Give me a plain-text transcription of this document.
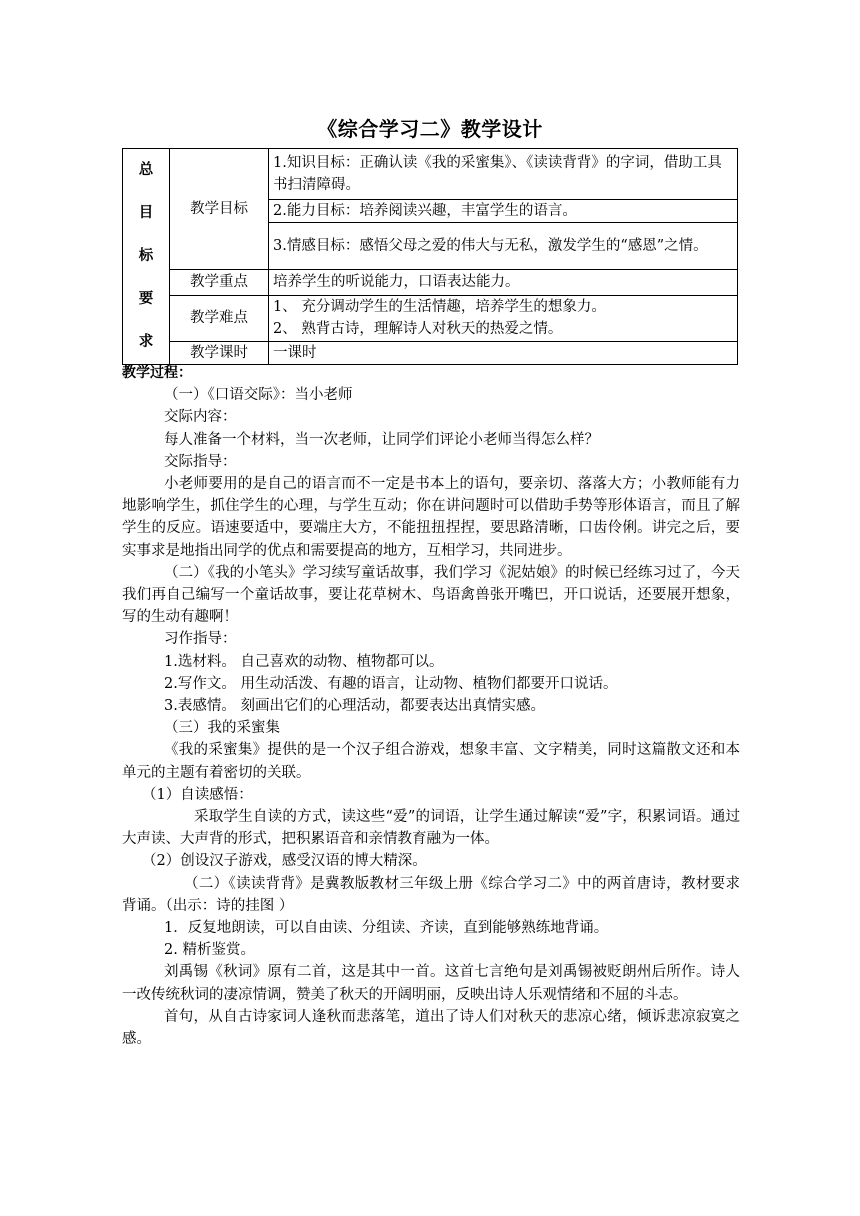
《综合学习二》教学设计
总
目
标
要
求	教学目标	1.知识目标：正确认读《我的采蜜集》、《读读背背》的字词，借助工具书扫清障碍。
		2.能力目标：培养阅读兴趣，丰富学生的语言。
		3.情感目标：感悟父母之爱的伟大与无私，激发学生的“感恩”之情。
	教学重点	培养学生的听说能力，口语表达能力。
	教学难点	1、 充分调动学生的生活情趣，培养学生的想象力。
2、 熟背古诗，理解诗人对秋天的热爱之情。

	教学课时	一课时

教学过程：

（一）《口语交际》：当小老师

交际内容：

每人准备一个材料，当一次老师，让同学们评论小老师当得怎么样？

交际指导：

小老师要用的是自己的语言而不一定是书本上的语句，要亲切、落落大方；小教师能有力地影响学生，抓住学生的心理，与学生互动；你在讲问题时可以借助手势等形体语言，而且了解学生的反应。语速要适中，要端庄大方，不能扭扭捏捏，要思路清晰，口齿伶俐。讲完之后，要实事求是地指出同学的优点和需要提高的地方，互相学习，共同进步。

（二）《我的小笔头》学习续写童话故事，我们学习《泥姑娘》的时候已经练习过了，今天我们再自己编写一个童话故事，要让花草树木、鸟语禽兽张开嘴巴，开口说话，还要展开想象，写的生动有趣啊！

习作指导：

1.选材料。 自己喜欢的动物、植物都可以。

2.写作文。 用生动活泼、有趣的语言，让动物、植物们都要开口说话。

3.表感情。 刻画出它们的心理活动，都要表达出真情实感。

（三）我的采蜜集

《我的采蜜集》提供的是一个汉子组合游戏，想象丰富、文字精美，同时这篇散文还和本单元的主题有着密切的关联。

（1）自读感悟：

采取学生自读的方式，读这些“爱”的词语，让学生通过解读“爱”字，积累词语。通过大声读、大声背的形式，把积累语音和亲情教育融为一体。

（2）创设汉子游戏，感受汉语的博大精深。

（二）《读读背背》是冀教版教材三年级上册《综合学习二》中的两首唐诗，教材要求背诵。（出示：诗的挂图 ）

1．反复地朗读，可以自由读、分组读、齐读，直到能够熟练地背诵。

2. 精析鉴赏。

刘禹锡《秋词》原有二首，这是其中一首。这首七言绝句是刘禹锡被贬朗州后所作。诗人一改传统秋词的凄凉情调，赞美了秋天的开阔明丽，反映出诗人乐观情绪和不屈的斗志。

首句，从自古诗家词人逢秋而悲落笔，道出了诗人们对秋天的悲凉心绪，倾诉悲凉寂寞之感。
